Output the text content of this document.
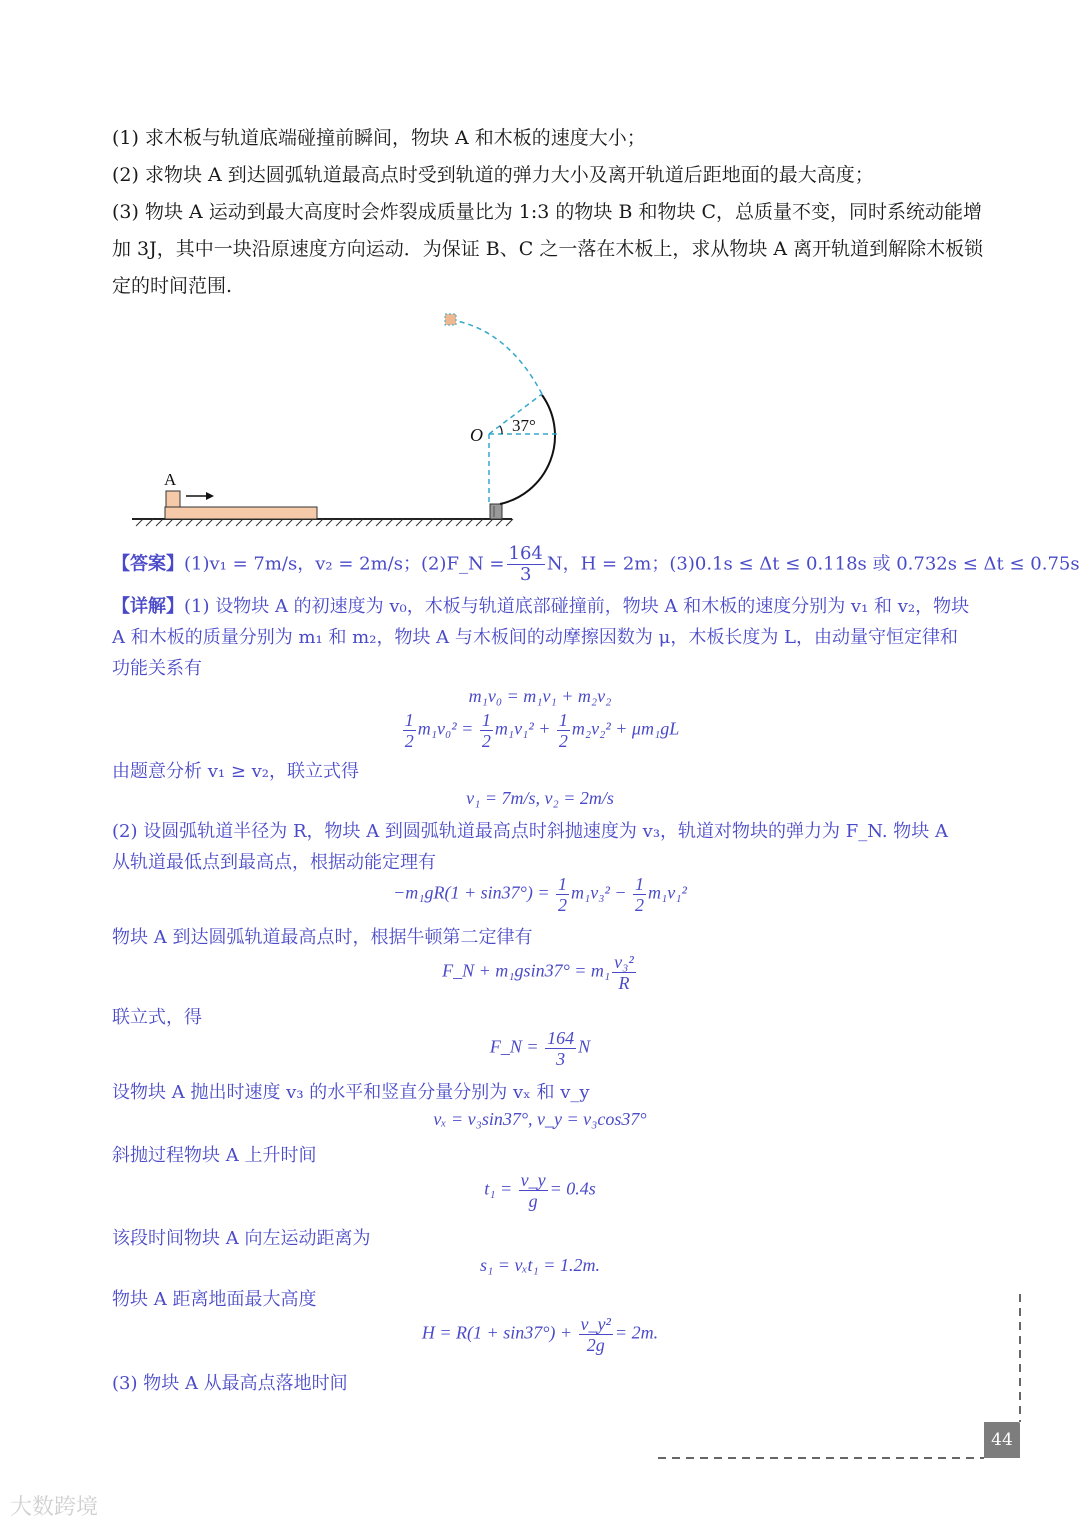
(1) 求木板与轨道底端碰撞前瞬间，物块 A 和木板的速度大小；
(2) 求物块 A 到达圆弧轨道最高点时受到轨道的弹力大小及离开轨道后距地面的最大高度；
(3) 物块 A 运动到最大高度时会炸裂成质量比为 1:3 的物块 B 和物块 C，总质量不变，同时系统动能增加 3J，其中一块沿原速度方向运动．为保证 B、C 之一落在木板上，求从物块 A 离开轨道到解除木板锁定的时间范围.
A
37°
O
【答案】(1)v₁ = 7m/s，v₂ = 2m/s；(2)F_N = $\frac{164}{3}$ N，H = 2m；(3)0.1s ≤ Δt ≤ 0.118s 或 0.732s ≤ Δt ≤ 0.75s
【详解】(1) 设物块 A 的初速度为 v₀，木板与轨道底部碰撞前，物块 A 和木板的速度分别为 v₁ 和 v₂，物块
A 和木板的质量分别为 m₁ 和 m₂，物块 A 与木板间的动摩擦因数为 μ，木板长度为 L，由动量守恒定律和
功能关系有
m₁v₀ = m₁v₁ + m₂v₂
$\frac{1}{2} m_1v_0^2 = \frac{1}{2} m_1v_1^2 + \frac{1}{2} m_2v_2^2 + \mu m_1gL$
由题意分析 v₁ ≥ v₂，联立式得
v₁ = 7m/s, v₂ = 2m/s
(2) 设圆弧轨道半径为 R，物块 A 到圆弧轨道最高点时斜抛速度为 v₃，轨道对物块的弹力为 F_N. 物块 A
从轨道最低点到最高点，根据动能定理有
$-m_1gR(1 + \sin 37^\circ) = \frac{1}{2} m_1v_3^2 - \frac{1}{2} m_1v_1^2$
物块 A 到达圆弧轨道最高点时，根据牛顿第二定律有
F_N + $m_1gsin37^\circ = m_1 \frac{\text{v₃²}}{R}$
联立式，得
F_N = $\frac{164}{3}$ N
设物块 A 抛出时速度 v₃ 的水平和竖直分量分别为 vₓ 和 v_y
vₓ = v₃sin37°, v_y = v₃cos37°
斜抛过程物块 A 上升时间
$t_1 = \frac{v\_y}{g} = 0.4s$
该段时间物块 A 向左运动距离为
s₁ = vₓt₁ = 1.2m.
物块 A 距离地面最大高度
$H = R(1 + \sin 37^\circ) + \frac{\text{v\_y²}}{2g} = 2m$.
(3) 物块 A 从最高点落地时间
44
大数跨境
